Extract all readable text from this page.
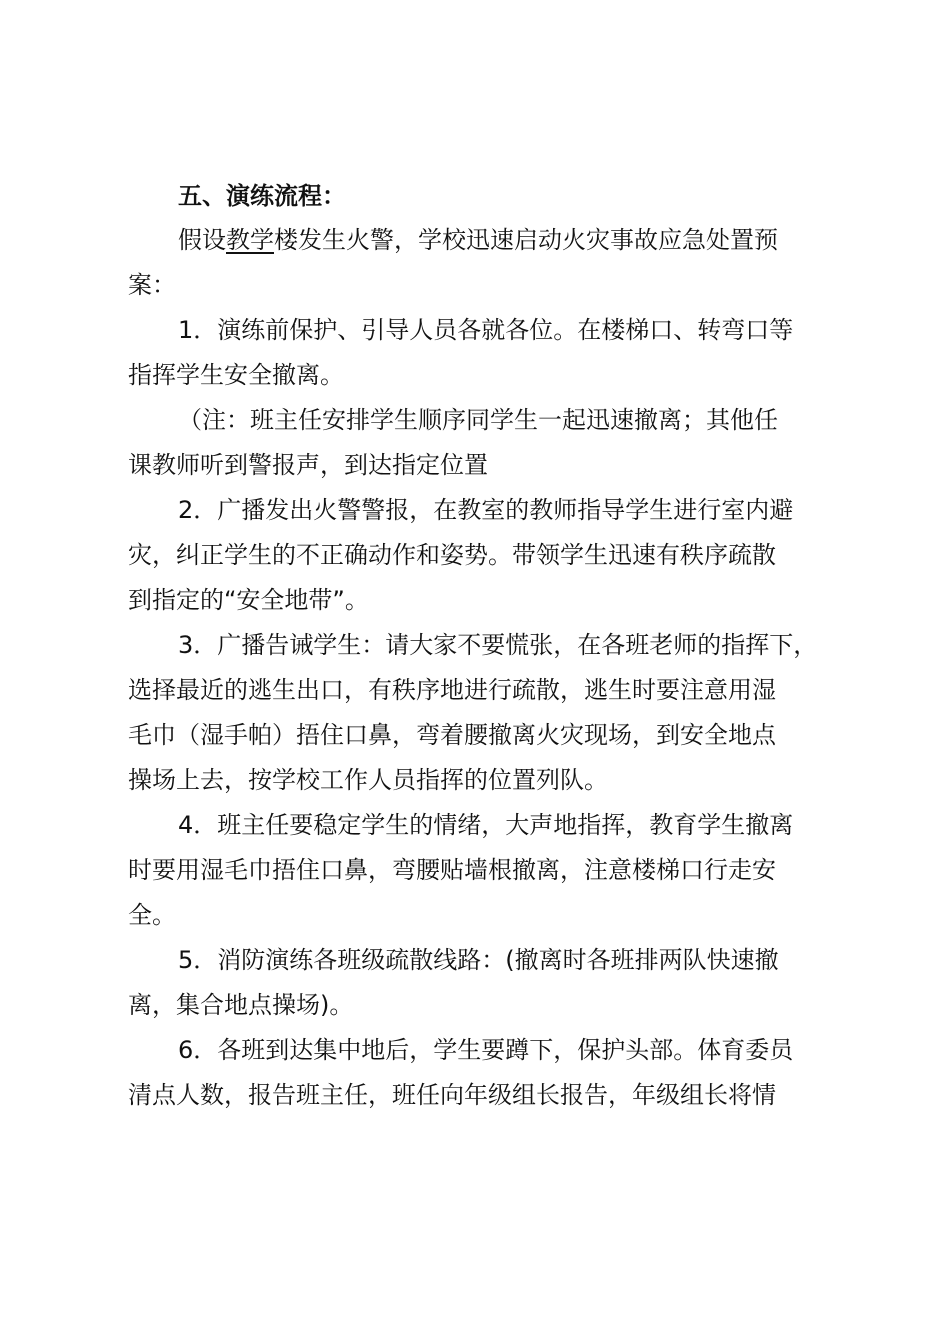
五、演练流程：
假设教学楼发生火警，学校迅速启动火灾事故应急处置预
案：
1．演练前保护、引导人员各就各位。在楼梯口、转弯口等
指挥学生安全撤离。
（注：班主任安排学生顺序同学生一起迅速撤离；其他任
课教师听到警报声，到达指定位置
2．广播发出火警警报，在教室的教师指导学生进行室内避
灾，纠正学生的不正确动作和姿势。带领学生迅速有秩序疏散
到指定的“安全地带”。
3．广播告诫学生：请大家不要慌张，在各班老师的指挥下，
选择最近的逃生出口，有秩序地进行疏散，逃生时要注意用湿
毛巾（湿手帕）捂住口鼻，弯着腰撤离火灾现场，到安全地点
操场上去，按学校工作人员指挥的位置列队。
4．班主任要稳定学生的情绪，大声地指挥，教育学生撤离
时要用湿毛巾捂住口鼻，弯腰贴墙根撤离，注意楼梯口行走安
全。
5．消防演练各班级疏散线路：(撤离时各班排两队快速撤
离，集合地点操场)。
6．各班到达集中地后，学生要蹲下，保护头部。体育委员
清点人数，报告班主任，班任向年级组长报告，年级组长将情
